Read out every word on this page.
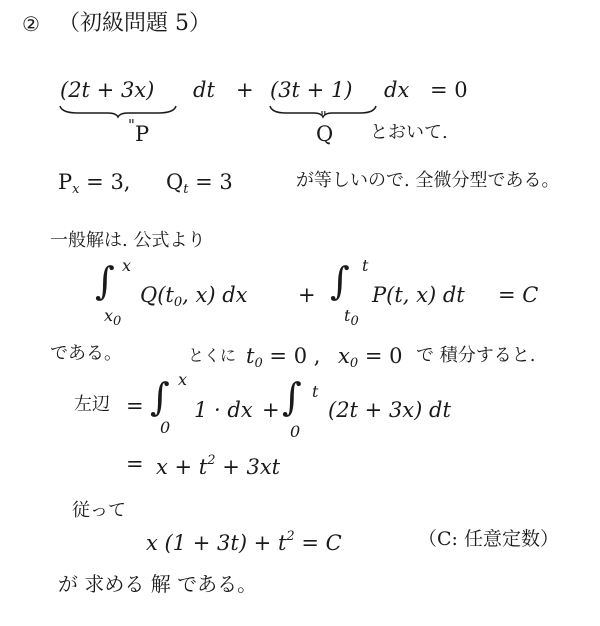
② （初級問題 5）
(2t + 3x) dt + (3t + 1) dx = 0
" P
"
Q とおいて.
$P_x = 3$, $Q_t = 3$	が等しいので. 全微分型である。
一般解は. 公式より
∫ x
$x_0$
$Q(t_0$, x) dx + ∫ t
$t_0$
P(t, x) dt = C
である。	とくに $t_0 = 0$ , $x_0 = 0$ で 積分すると.
左辺 = ∫ x
0
1 · dx + ∫ t
0
(2t + 3x) dt
= $x + t^2 + 3xt$
従って
x $(1 + 3t) + t^2 = C$	（C: 任意定数）
が 求める 解 である。
